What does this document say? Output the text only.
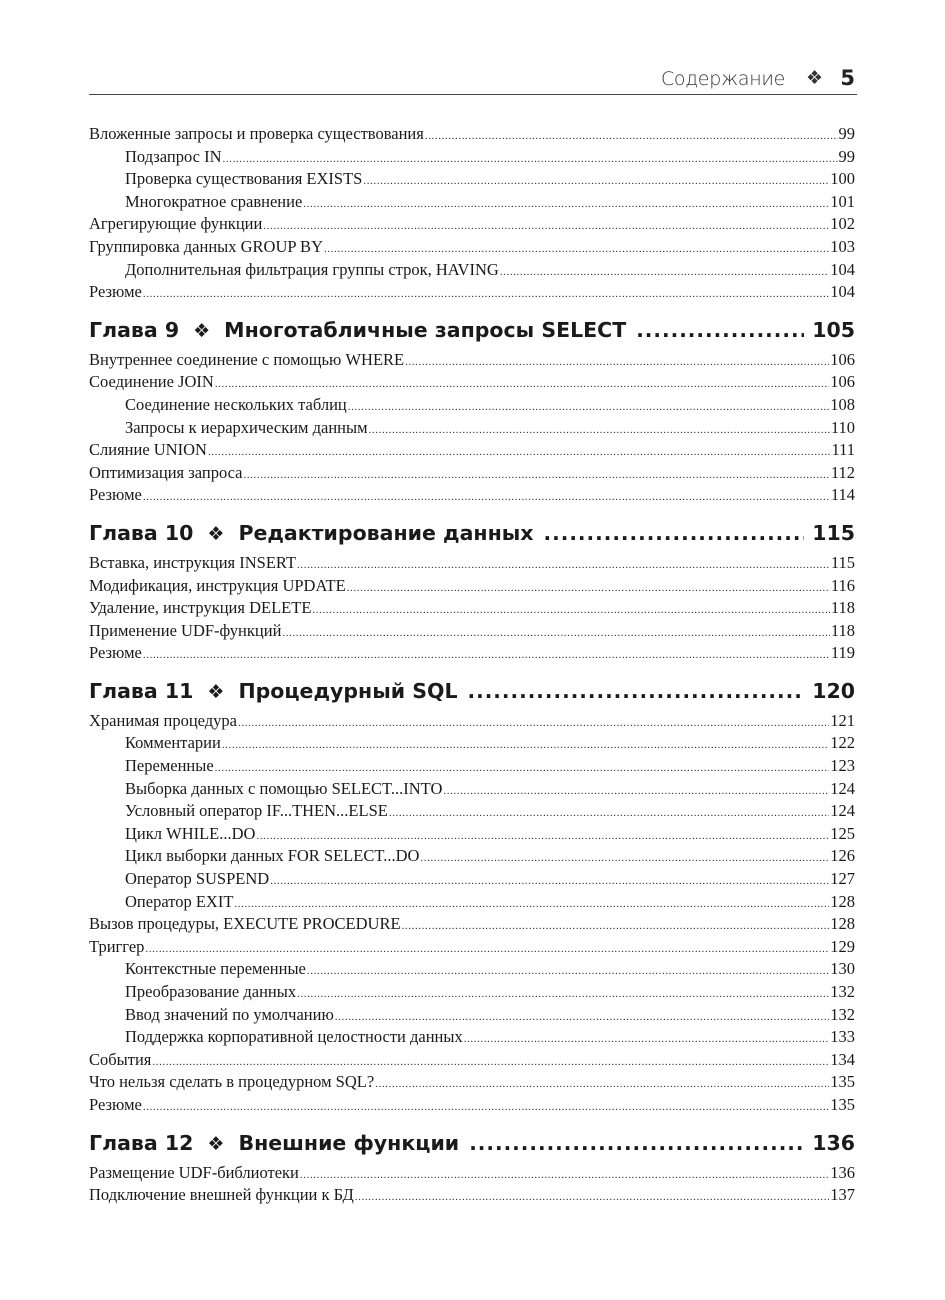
Содержание ❖ 5
Вложенные запросы и проверка существования .....	99
Подзапрос IN .....	99
Проверка существования EXISTS .....	100
Многократное сравнение .....	101
Агрегирующие функции .....	102
Группировка данных GROUP BY .....	103
Дополнительная фильтрация группы строк, HAVING .....	104
Резюме .....	104
Глава 9 ❖ Многотабличные запросы SELECT .....	105
Внутреннее соединение с помощью WHERE .....	106
Соединение JOIN .....	106
Соединение нескольких таблиц .....	108
Запросы к иерархическим данным .....	110
Слияние UNION .....	111
Оптимизация запроса .....	112
Резюме .....	114
Глава 10 ❖ Редактирование данных .....	115
Вставка, инструкция INSERT .....	115
Модификация, инструкция UPDATE .....	116
Удаление, инструкция DELETE .....	118
Применение UDF-функций .....	118
Резюме .....	119
Глава 11 ❖ Процедурный SQL .....	120
Хранимая процедура .....	121
Комментарии .....	122
Переменные .....	123
Выборка данных с помощью SELECT...INTO .....	124
Условный оператор IF...THEN...ELSE .....	124
Цикл WHILE...DO .....	125
Цикл выборки данных FOR SELECT...DO .....	126
Оператор SUSPEND .....	127
Оператор EXIT .....	128
Вызов процедуры, EXECUTE PROCEDURE .....	128
Триггер .....	129
Контекстные переменные .....	130
Преобразование данных .....	132
Ввод значений по умолчанию .....	132
Поддержка корпоративной целостности данных .....	133
События .....	134
Что нельзя сделать в процедурном SQL? .....	135
Резюме .....	135
Глава 12 ❖ Внешние функции .....	136
Размещение UDF-библиотеки .....	136
Подключение внешней функции к БД .....	137
